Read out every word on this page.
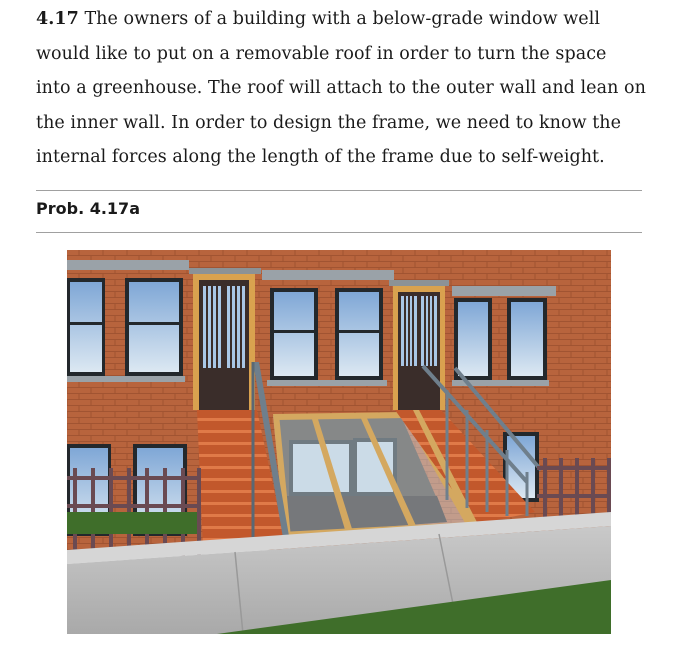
4.17 The owners of a building with a below-grade window well would like to put on a removable roof in order to turn the space into a greenhouse. The roof will attach to the outer wall and lean on the inner wall. In order to design the frame, we need to know the internal forces along the length of the frame due to self-weight.
Prob. 4.17a
